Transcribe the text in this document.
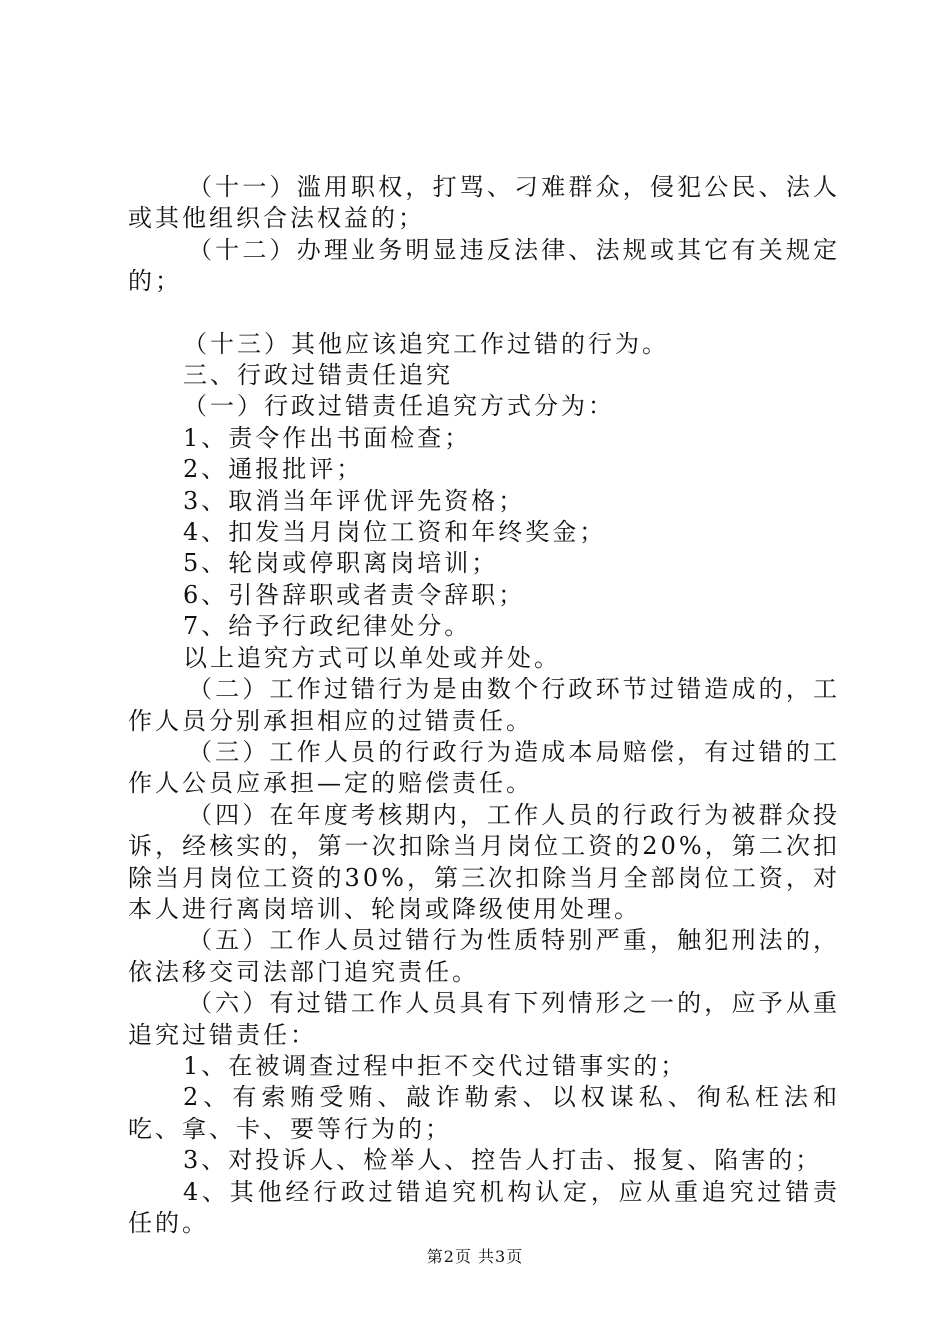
（十一）滥用职权，打骂、刁难群众，侵犯公民、法人或其他组织合法权益的；

（十二）办理业务明显违反法律、法规或其它有关规定的；

（十三）其他应该追究工作过错的行为。

三、行政过错责任追究

（一）行政过错责任追究方式分为：

1、责令作出书面检查；

2、通报批评；

3、取消当年评优评先资格；

4、扣发当月岗位工资和年终奖金；

5、轮岗或停职离岗培训；

6、引咎辞职或者责令辞职；

7、给予行政纪律处分。

以上追究方式可以单处或并处。

（二）工作过错行为是由数个行政环节过错造成的，工作人员分别承担相应的过错责任。

（三）工作人员的行政行为造成本局赔偿，有过错的工作人公员应承担—定的赔偿责任。

（四）在年度考核期内，工作人员的行政行为被群众投诉，经核实的，第一次扣除当月岗位工资的20%，第二次扣除当月岗位工资的30%，第三次扣除当月全部岗位工资，对本人进行离岗培训、轮岗或降级使用处理。

（五）工作人员过错行为性质特别严重，触犯刑法的，依法移交司法部门追究责任。

（六）有过错工作人员具有下列情形之一的，应予从重追究过错责任：

1、在被调查过程中拒不交代过错事实的；

2、有索贿受贿、敲诈勒索、以权谋私、徇私枉法和吃、拿、卡、要等行为的；

3、对投诉人、检举人、控告人打击、报复、陷害的；

4、其他经行政过错追究机构认定，应从重追究过错责任的。

第2页 共3页
